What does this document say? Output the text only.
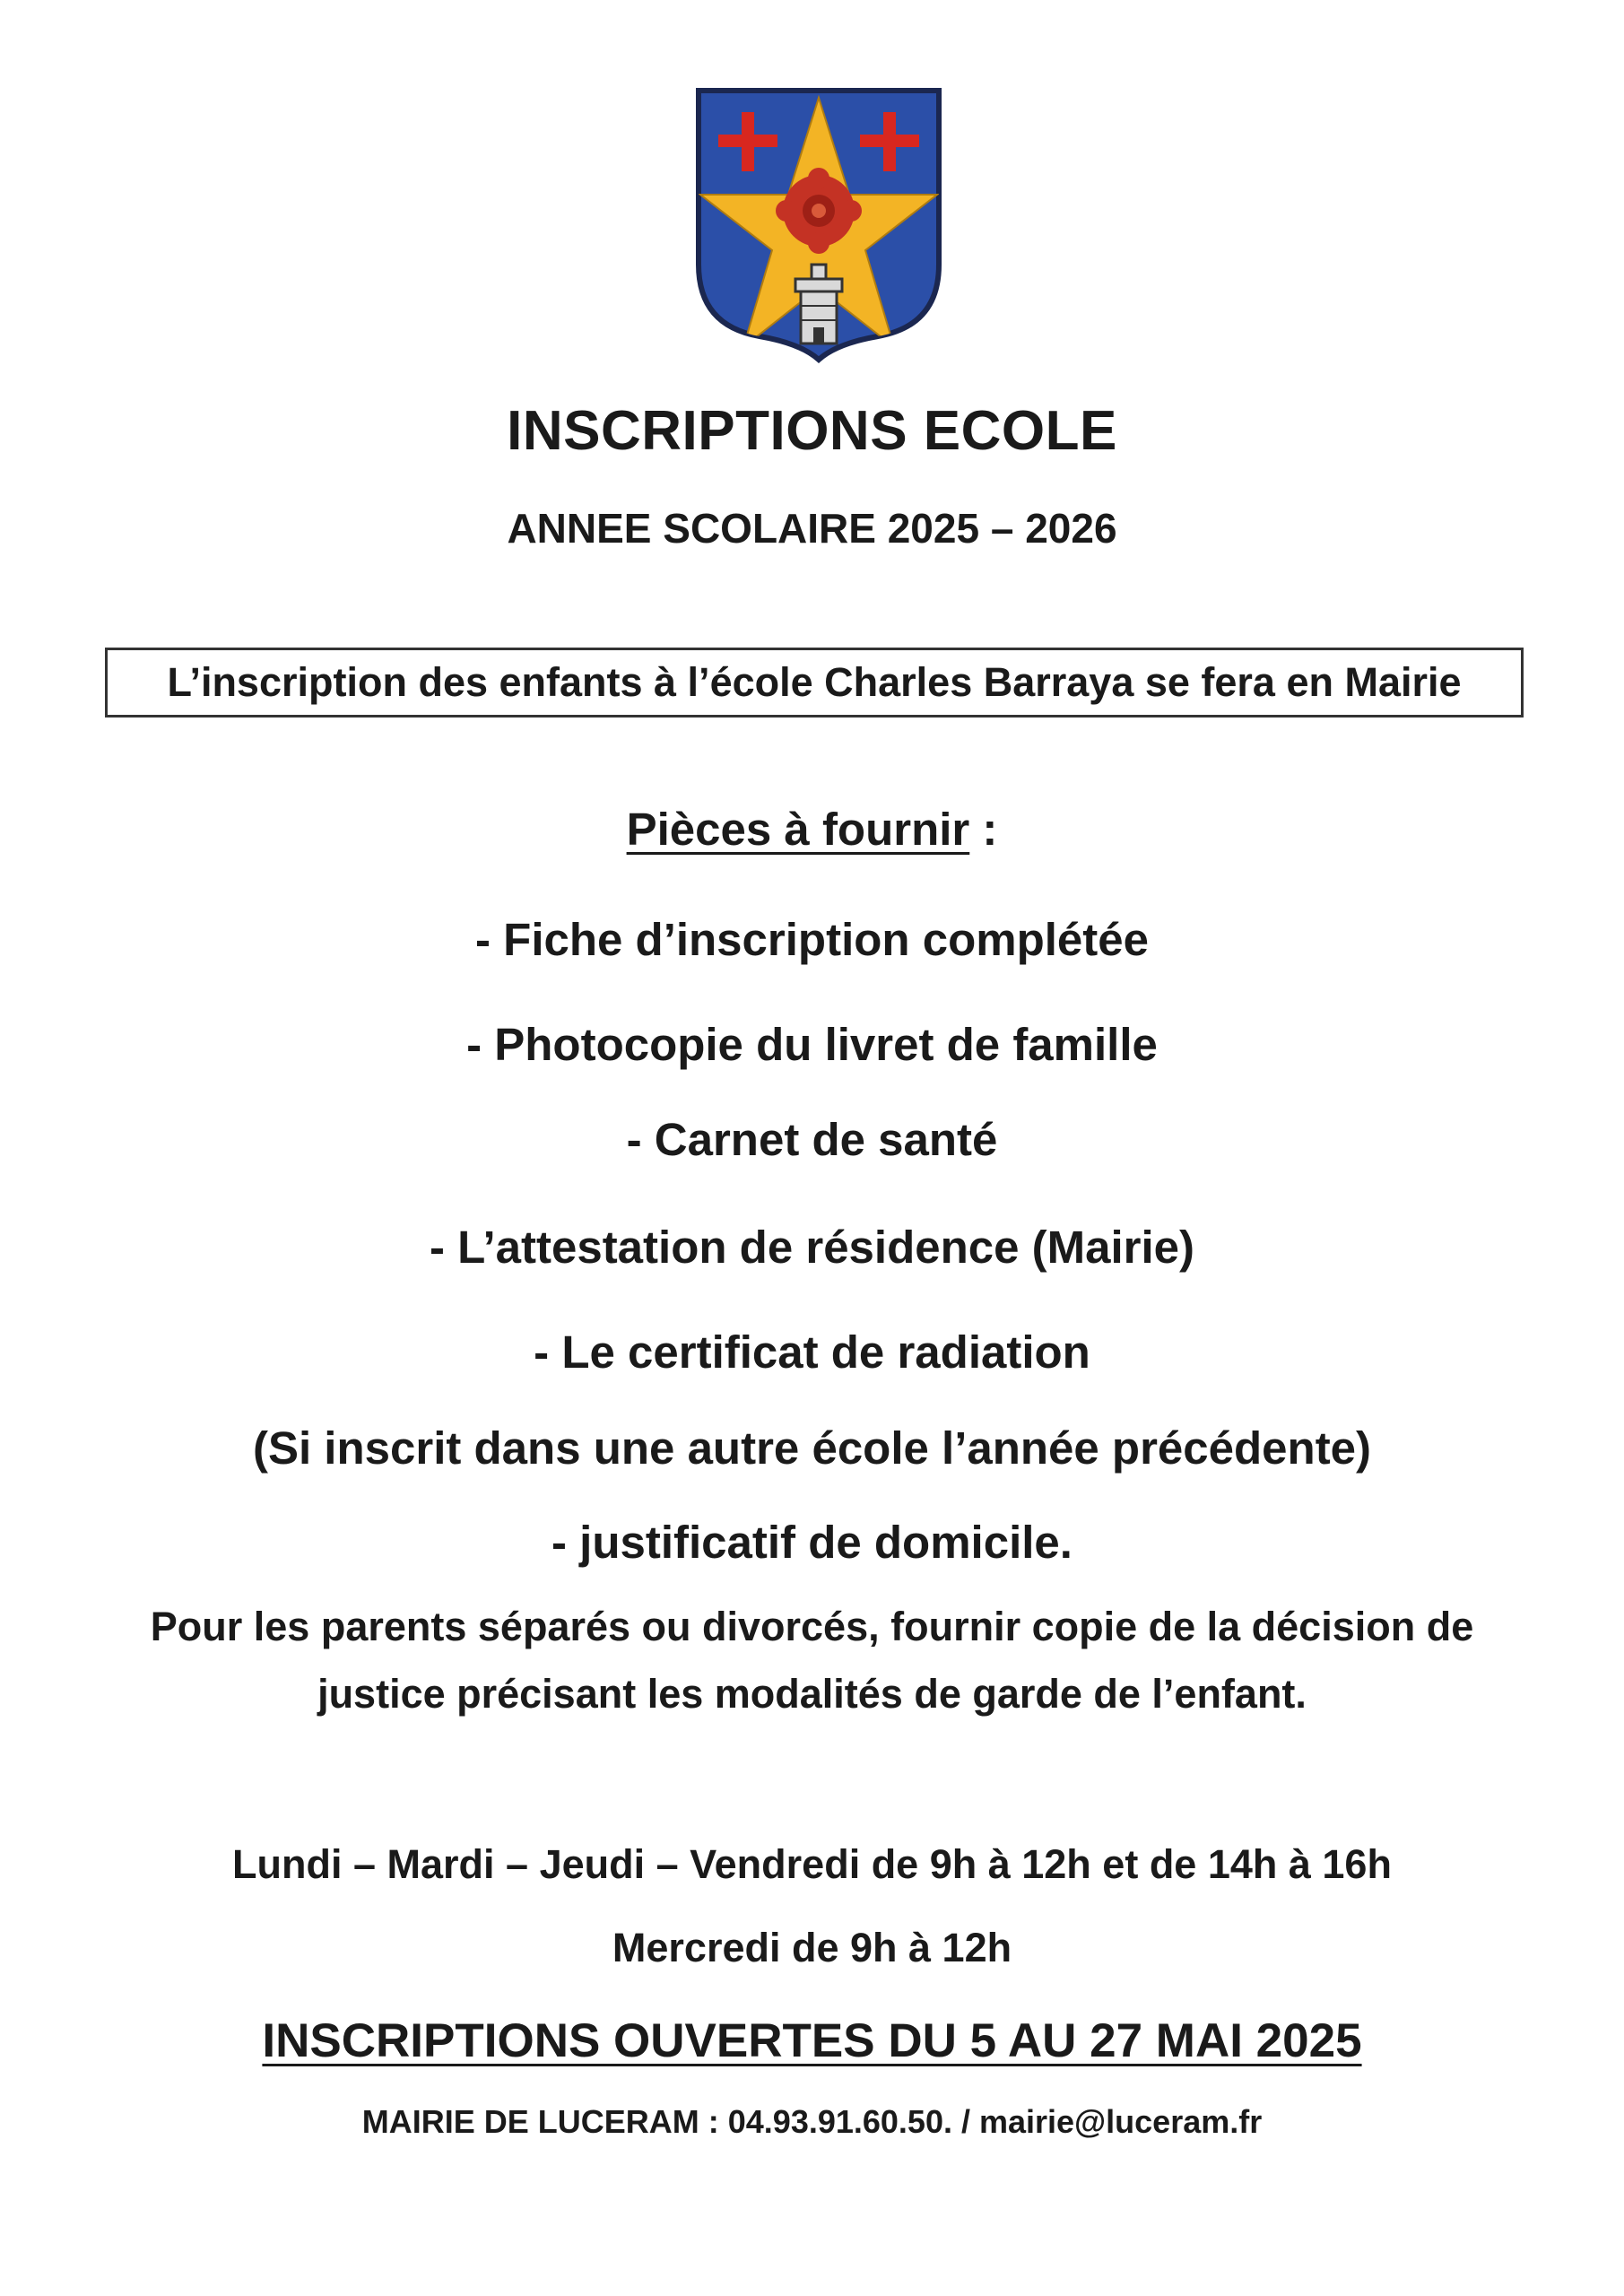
INSCRIPTIONS ECOLE
ANNEE SCOLAIRE 2025 – 2026
L’inscription des enfants à l’école Charles Barraya se fera en Mairie
Pièces à fournir :
- Fiche d’inscription complétée
- Photocopie du livret de famille
- Carnet de santé
- L’attestation de résidence (Mairie)
- Le certificat de radiation
(Si inscrit dans une autre école l’année précédente)
- justificatif de domicile.
Pour les parents séparés ou divorcés, fournir copie de la décision de
justice précisant les modalités de garde de l’enfant.
Lundi – Mardi – Jeudi – Vendredi de 9h à 12h et de 14h à 16h
Mercredi de 9h à 12h
INSCRIPTIONS OUVERTES DU 5 AU 27 MAI 2025
MAIRIE DE LUCERAM : 04.93.91.60.50. / mairie@luceram.fr
